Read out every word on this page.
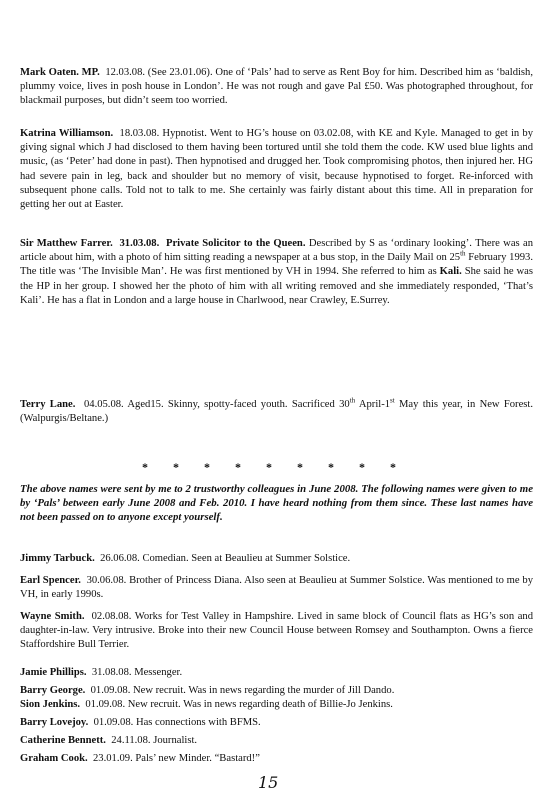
Mark Oaten. MP. 12.03.08. (See 23.01.06). One of ‘Pals’ had to serve as Rent Boy for him. Described him as ‘baldish, plummy voice, lives in posh house in London’. He was not rough and gave Pal £50. Was photographed throughout, for blackmail purposes, but didn’t seem too worried.

Katrina Williamson. 18.03.08. Hypnotist. Went to HG’s house on 03.02.08, with KE and Kyle. Managed to get in by giving signal which J had disclosed to them having been tortured until she told them the code. KW used blue lights and music, (as ‘Peter’ had done in past). Then hypnotised and drugged her. Took compromising photos, then injured her. HG had severe pain in leg, back and shoulder but no memory of visit, because hypnotised to forget. Re-inforced with subsequent phone calls. Told not to talk to me. She certainly was fairly distant about this time. All in preparation for getting her out at Easter.

Sir Matthew Farrer. 31.03.08. Private Solicitor to the Queen. Described by S as ‘ordinary looking’. There was an article about him, with a photo of him sitting reading a newspaper at a bus stop, in the Daily Mail on 25th February 1993. The title was ‘The Invisible Man’. He was first mentioned by VH in 1994. She referred to him as Kali. She said he was the HP in her group. I showed her the photo of him with all writing removed and she immediately responded, ‘That’s Kali’. He has a flat in London and a large house in Charlwood, near Crawley, E.Surrey.

Terry Lane. 04.05.08. Aged15. Skinny, spotty-faced youth. Sacrificed 30th April-1st May this year, in New Forest. (Walpurgis/Beltane.)

* * * * * * * * *

The above names were sent by me to 2 trustworthy colleagues in June 2008. The following names were given to me by ‘Pals’ between early June 2008 and Feb. 2010. I have heard nothing from them since. These last names have not been passed on to anyone except yourself.

Jimmy Tarbuck. 26.06.08. Comedian. Seen at Beaulieu at Summer Solstice.

Earl Spencer. 30.06.08. Brother of Princess Diana. Also seen at Beaulieu at Summer Solstice. Was mentioned to me by VH, in early 1990s.

Wayne Smith. 02.08.08. Works for Test Valley in Hampshire. Lived in same block of Council flats as HG’s son and daughter-in-law. Very intrusive. Broke into their new Council House between Romsey and Southampton. Owns a fierce Staffordshire Bull Terrier.

Jamie Phillips. 31.08.08. Messenger.

Barry George. 01.09.08. New recruit. Was in news regarding the murder of Jill Dando.

Sion Jenkins. 01.09.08. New recruit. Was in news regarding death of Billie-Jo Jenkins.

Barry Lovejoy. 01.09.08. Has connections with BFMS.

Catherine Bennett. 24.11.08. Journalist.

Graham Cook. 23.01.09. Pals’ new Minder. “Bastard!”

15
